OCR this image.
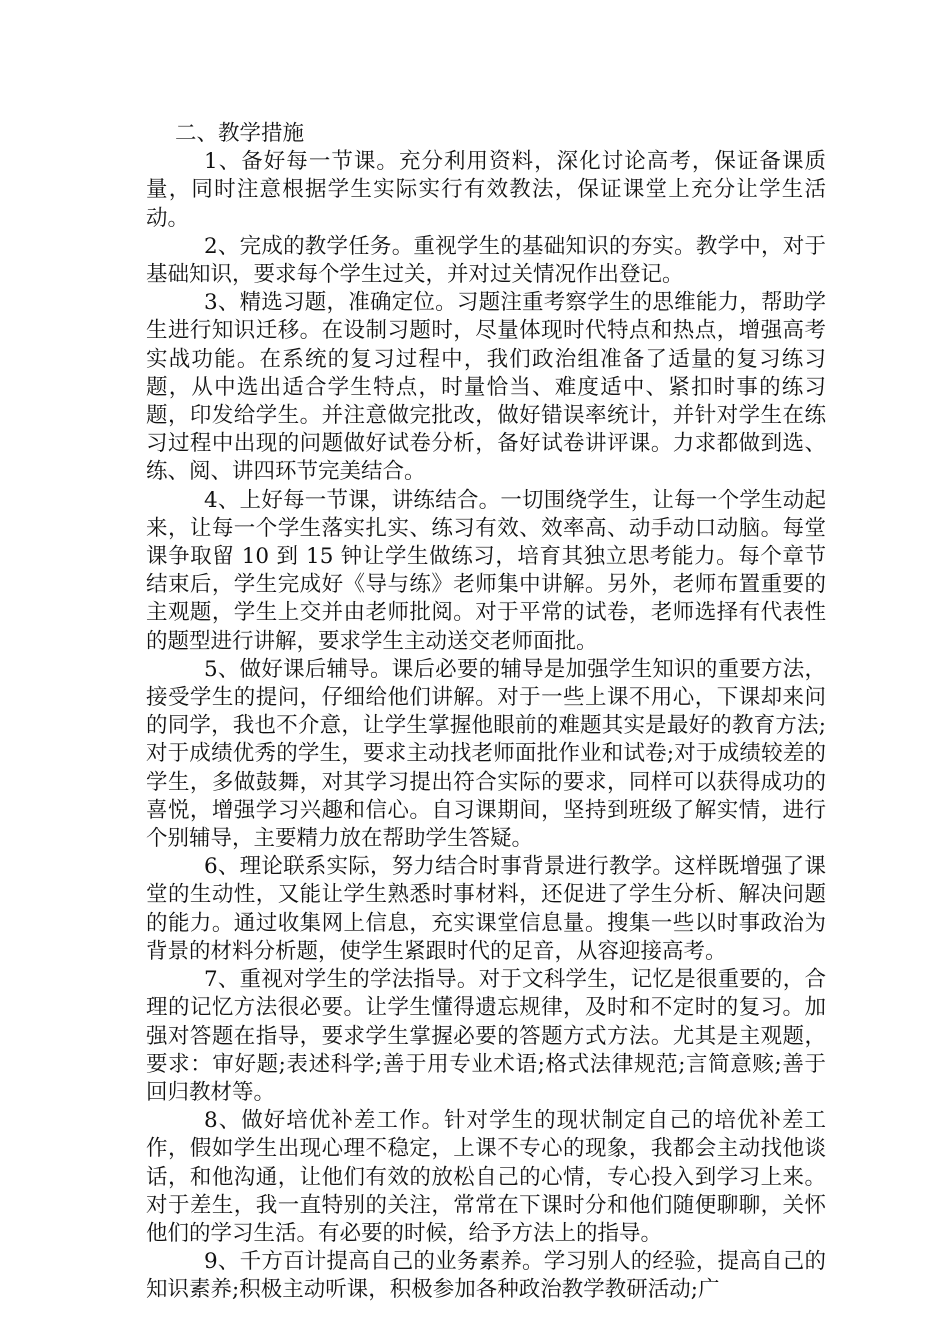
二、教学措施

1、备好每一节课。充分利用资料，深化讨论高考，保证备课质量，同时注意根据学生实际实行有效教法，保证课堂上充分让学生活动。

2、完成的教学任务。重视学生的基础知识的夯实。教学中，对于基础知识，要求每个学生过关，并对过关情况作出登记。

3、精选习题，准确定位。习题注重考察学生的思维能力，帮助学生进行知识迁移。在设制习题时，尽量体现时代特点和热点，增强高考实战功能。在系统的复习过程中，我们政治组准备了适量的复习练习题，从中选出适合学生特点，时量恰当、难度适中、紧扣时事的练习题，印发给学生。并注意做完批改，做好错误率统计，并针对学生在练习过程中出现的问题做好试卷分析，备好试卷讲评课。力求都做到选、练、阅、讲四环节完美结合。

4、上好每一节课，讲练结合。一切围绕学生，让每一个学生动起来，让每一个学生落实扎实、练习有效、效率高、动手动口动脑。每堂课争取留 10 到 15 钟让学生做练习，培育其独立思考能力。每个章节结束后，学生完成好《导与练》老师集中讲解。另外，老师布置重要的主观题，学生上交并由老师批阅。对于平常的试卷，老师选择有代表性的题型进行讲解，要求学生主动送交老师面批。

5、做好课后辅导。课后必要的辅导是加强学生知识的重要方法，接受学生的提问，仔细给他们讲解。对于一些上课不用心，下课却来问的同学，我也不介意，让学生掌握他眼前的难题其实是最好的教育方法;对于成绩优秀的学生，要求主动找老师面批作业和试卷;对于成绩较差的学生，多做鼓舞，对其学习提出符合实际的要求，同样可以获得成功的喜悦，增强学习兴趣和信心。自习课期间，坚持到班级了解实情，进行个别辅导，主要精力放在帮助学生答疑。

6、理论联系实际，努力结合时事背景进行教学。这样既增强了课堂的生动性，又能让学生熟悉时事材料，还促进了学生分析、解决问题的能力。通过收集网上信息，充实课堂信息量。搜集一些以时事政治为背景的材料分析题，使学生紧跟时代的足音，从容迎接高考。

7、重视对学生的学法指导。对于文科学生，记忆是很重要的，合理的记忆方法很必要。让学生懂得遗忘规律，及时和不定时的复习。加强对答题在指导，要求学生掌握必要的答题方式方法。尤其是主观题，要求：审好题;表述科学;善于用专业术语;格式法律规范;言简意赅;善于回归教材等。

8、做好培优补差工作。针对学生的现状制定自己的培优补差工作，假如学生出现心理不稳定，上课不专心的现象，我都会主动找他谈话，和他沟通，让他们有效的放松自己的心情，专心投入到学习上来。对于差生，我一直特别的关注，常常在下课时分和他们随便聊聊，关怀他们的学习生活。有必要的时候，给予方法上的指导。

9、千方百计提高自己的业务素养。学习别人的经验，提高自己的知识素养;积极主动听课，积极参加各种政治教学教研活动;广
